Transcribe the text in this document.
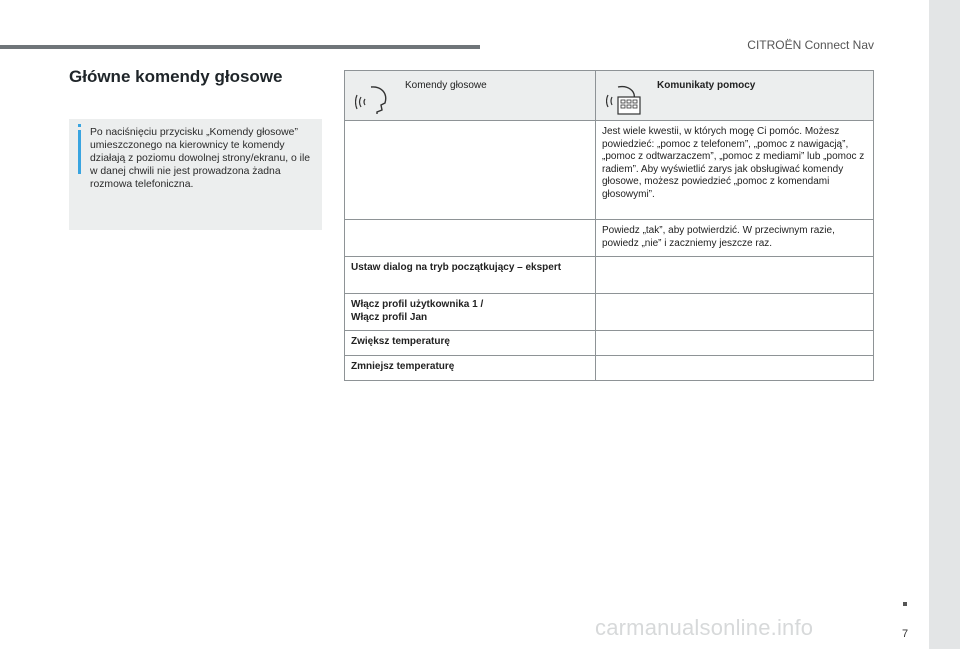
CITROËN Connect Nav
Główne komendy głosowe
Po naciśnięciu przycisku „Komendy głosowe” umieszczonego na kierownicy te komendy działają z poziomu dowolnej strony/ekranu, o ile w danej chwili nie jest prowadzona żadna rozmowa telefoniczna.
Komendy głosowe	Komunikaty pomocy

	Jest wiele kwestii, w których mogę Ci pomóc. Możesz powiedzieć: „pomoc z telefonem”, „pomoc z nawigacją”, „pomoc z odtwarzaczem”, „pomoc z mediami” lub „pomoc z radiem”. Aby wyświetlić zarys jak obsługiwać komendy głosowe, możesz powiedzieć „pomoc z komendami głosowymi”.
	Powiedz „tak”, aby potwierdzić. W przeciwnym razie, powiedz „nie” i zaczniemy jeszcze raz.
Ustaw dialog na tryb początkujący – ekspert	
Włącz profil użytkownika 1 /
Włącz profil Jan	
Zwiększ temperaturę	
Zmniejsz temperaturę	
7
carmanualsonline.info
